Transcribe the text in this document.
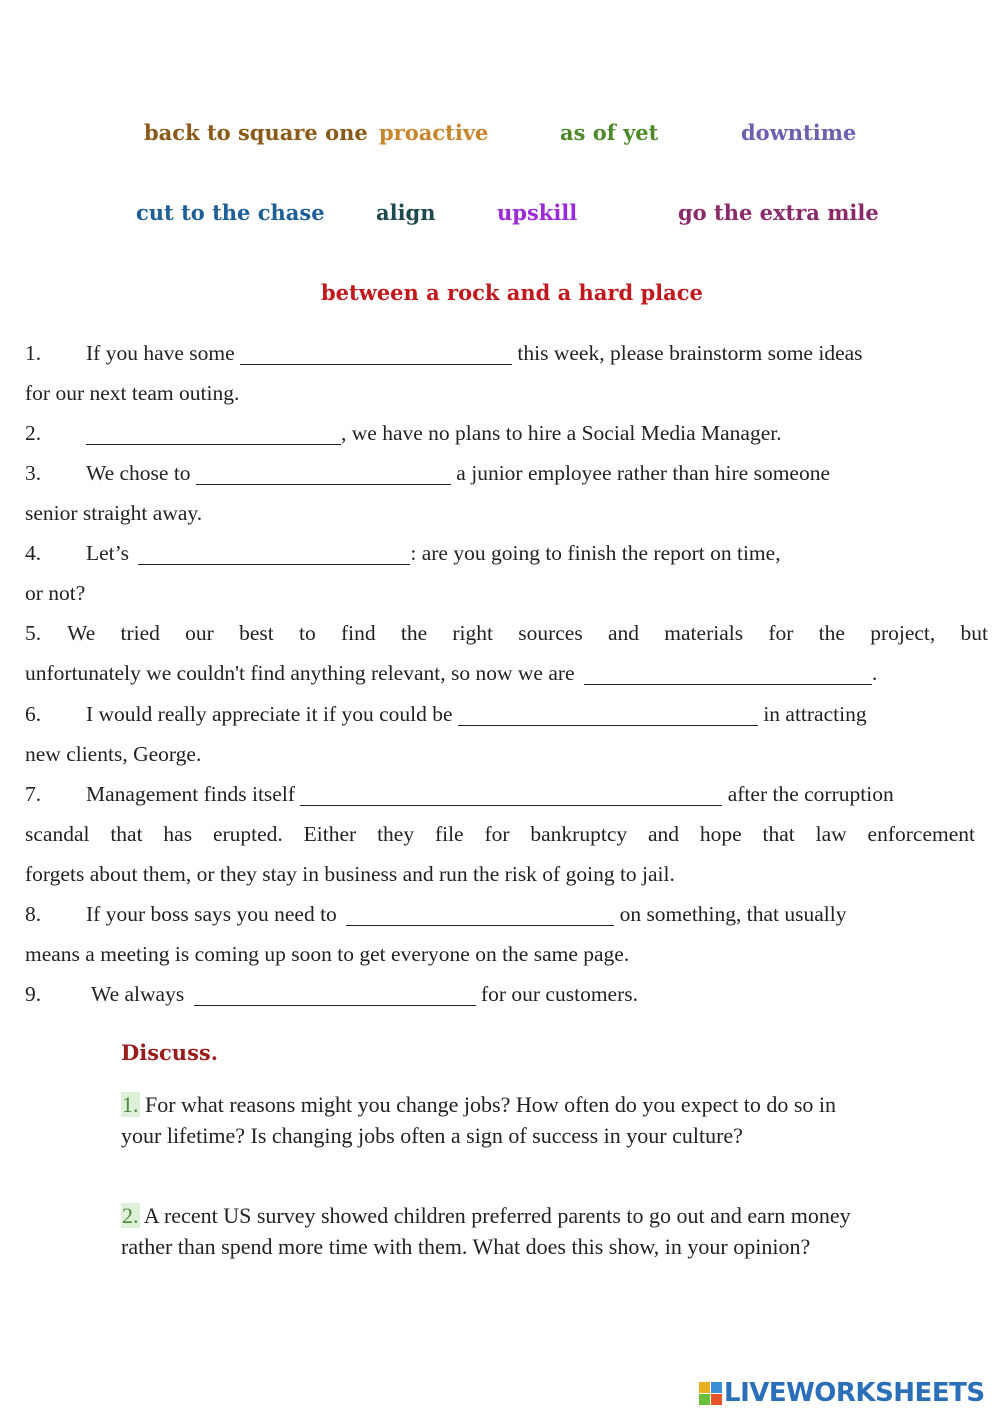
back to square one proactive	as of yet	downtime
cut to the chase align	upskill	go the extra mile
between a rock and a hard place
1. If you have some	this week, please brainstorm some ideas
for our next team outing.
2.	, we have no plans to hire a Social Media Manager.
3. We chose to	a junior employee rather than hire someone
senior straight away.
4. Let’s	: are you going to finish the report on time,
or not?
5. We tried our best to find the right sources and materials for the project, but
unfortunately we couldn't find anything relevant, so now we are	.
6. I would really appreciate it if you could be	in attracting
new clients, George.
7. Management finds itself	after the corruption
scandal that has erupted. Either they file for bankruptcy and hope that law enforcement
forgets about them, or they stay in business and run the risk of going to jail.
8. If your boss says you need to	on something, that usually
means a meeting is coming up soon to get everyone on the same page.
9. We always	for our customers.
Discuss.
1. For what reasons might you change jobs? How often do you expect to do so in your lifetime? Is changing jobs often a sign of success in your culture?
2. A recent US survey showed children preferred parents to go out and earn money rather than spend more time with them. What does this show, in your opinion?
LIVEWORKSHEETS
